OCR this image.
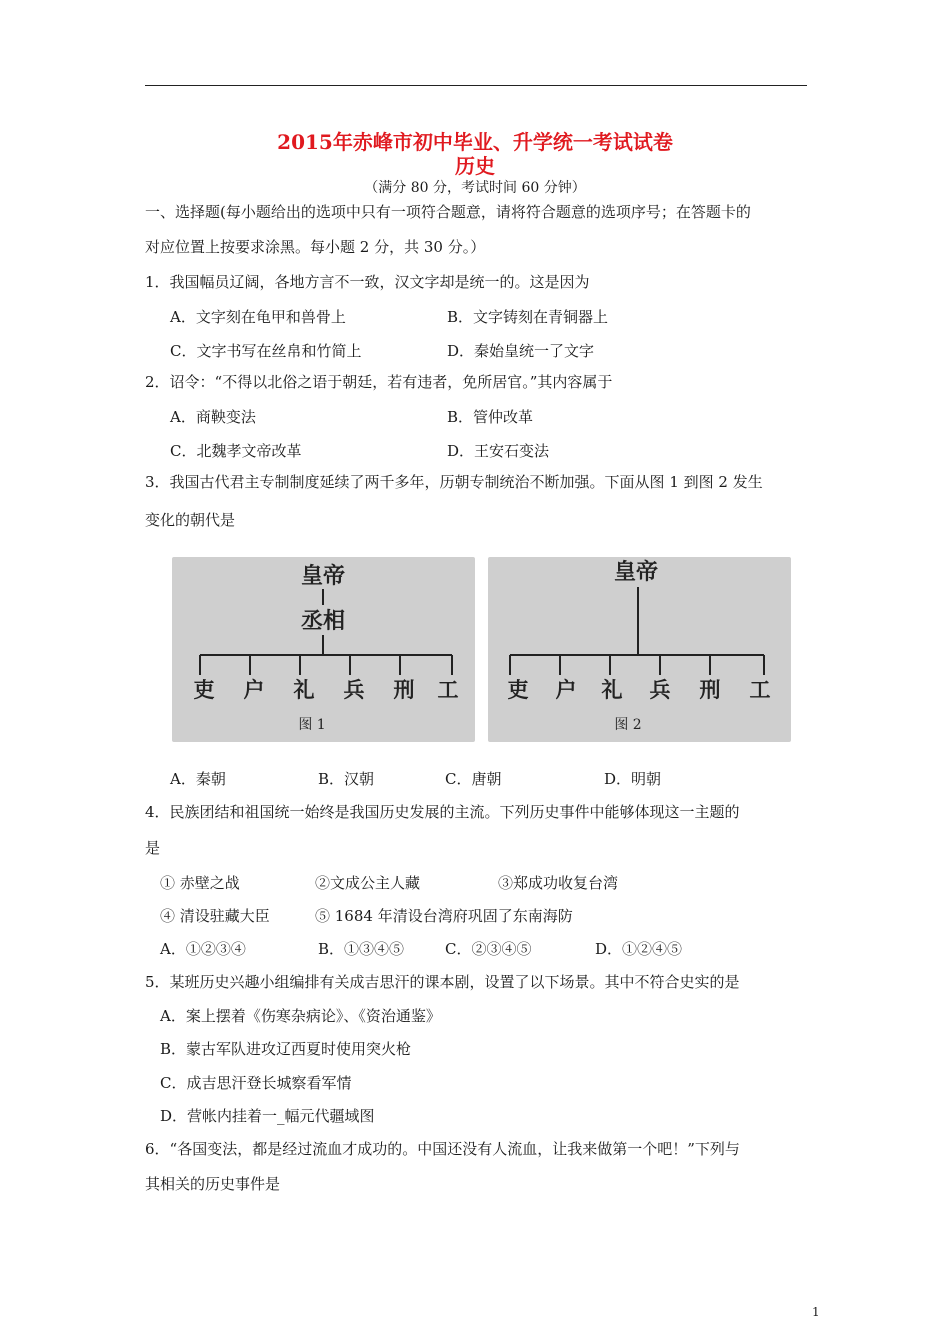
2015年赤峰市初中毕业、升学统一考试试卷
历史
（满分 80 分，考试时间 60 分钟）
一、选择题(每小题给出的选项中只有一项符合题意，请将符合题意的选项序号；在答题卡的
对应位置上按要求涂黑。每小题 2 分，共 30 分。）
1．我国幅员辽阔，各地方言不一致，汉文字却是统一的。这是因为
A．文字刻在龟甲和兽骨上	B．文字铸刻在青铜器上
C．文字书写在丝帛和竹简上	D．秦始皇统一了文字
2．诏令：“不得以北俗之语于朝廷，若有违者，免所居官。”其内容属于
A．商鞅变法	B．管仲改革
C．北魏孝文帝改革	D．王安石变法
3．我国古代君主专制制度延续了两千多年，历朝专制统治不断加强。下面从图 1 到图 2 发生
变化的朝代是
皇帝
丞相
吏 户 礼 兵 刑 工
图 1
皇帝
吏 户 礼 兵 刑 工
图 2
A．秦朝	B．汉朝	C．唐朝	D．明朝
4．民族团结和祖国统一始终是我国历史发展的主流。下列历史事件中能够体现这一主题的
是
① 赤壁之战	②文成公主人藏	③郑成功收复台湾
④ 清设驻藏大臣	⑤ 1684 年清设台湾府巩固了东南海防
A．①②③④	B．①③④⑤	C．②③④⑤	D．①②④⑤
5．某班历史兴趣小组编排有关成吉思汗的课本剧，设置了以下场景。其中不符合史实的是
A．案上摆着《伤寒杂病论》、《资治通鉴》
B．蒙古军队进攻辽西夏时使用突火枪
C．成吉思汗登长城察看军情
D．营帐内挂着一_幅元代疆域图
6．“各国变法，都是经过流血才成功的。中国还没有人流血，让我来做第一个吧！”下列与
其相关的历史事件是
1
